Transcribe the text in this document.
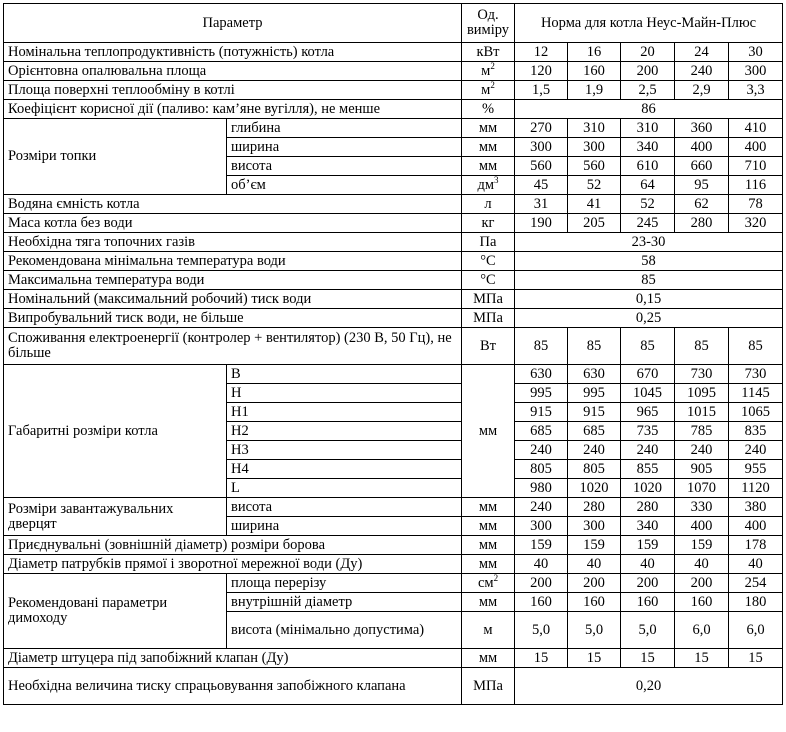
Параметр		Од. виміру	Норма для котла Неус-Майн-Плюс				
Номінальна теплопродуктивність (потужність) котла		кВт	12	16	20	24	30
Орієнтовна опалювальна площа		$м^2$	120	160	200	240	300
Площа поверхні теплообміну в котлі		$м^2$	1,5	1,9	2,5	2,9	3,3
Коефіцієнт корисної дії (паливо: кам’яне вугілля), не менше		%	86				
Розміри топки	глибина	мм	270	310	310	360	410
	ширина	мм	300	300	340	400	400
	висота	мм	560	560	610	660	710
	об’єм	$дм^3$	45	52	64	95	116
Водяна ємність котла		л	31	41	52	62	78
Маса котла без води		кг	190	205	245	280	320
Необхідна тяга топочних газів		Па	23-30				
Рекомендована мінімальна температура води		°С	58				
Максимальна температура води		°С	85				
Номінальний (максимальний робочий) тиск води		МПа	0,15				
Випробувальний тиск води, не більше		МПа	0,25				
Споживання електроенергії (контролер + вентилятор) (230 В, 50 Гц), не більше		Вт	85	85	85	85	85
Габаритні розміри котла	B	мм	630	630	670	730	730
	H		995	995	1045	1095	1145
	H1		915	915	965	1015	1065
	H2		685	685	735	785	835
	H3		240	240	240	240	240
	H4		805	805	855	905	955
	L		980	1020	1020	1070	1120
Розміри завантажувальних дверцят	висота	мм	240	280	280	330	380
	ширина	мм	300	300	340	400	400
Приєднувальні (зовнішній діаметр) розміри борова		мм	159	159	159	159	178
Діаметр патрубків прямої і зворотної мережної води (Ду)		мм	40	40	40	40	40
Рекомендовані параметри димоходу	площа перерізу	$см^2$	200	200	200	200	254
	внутрішній діаметр	мм	160	160	160	160	180
	висота (мінімально допустима)	м	5,0	5,0	5,0	6,0	6,0
Діаметр штуцера під запобіжний клапан (Ду)		мм	15	15	15	15	15
Необхідна величина тиску спрацьовування запобіжного клапана		МПа	0,20				
